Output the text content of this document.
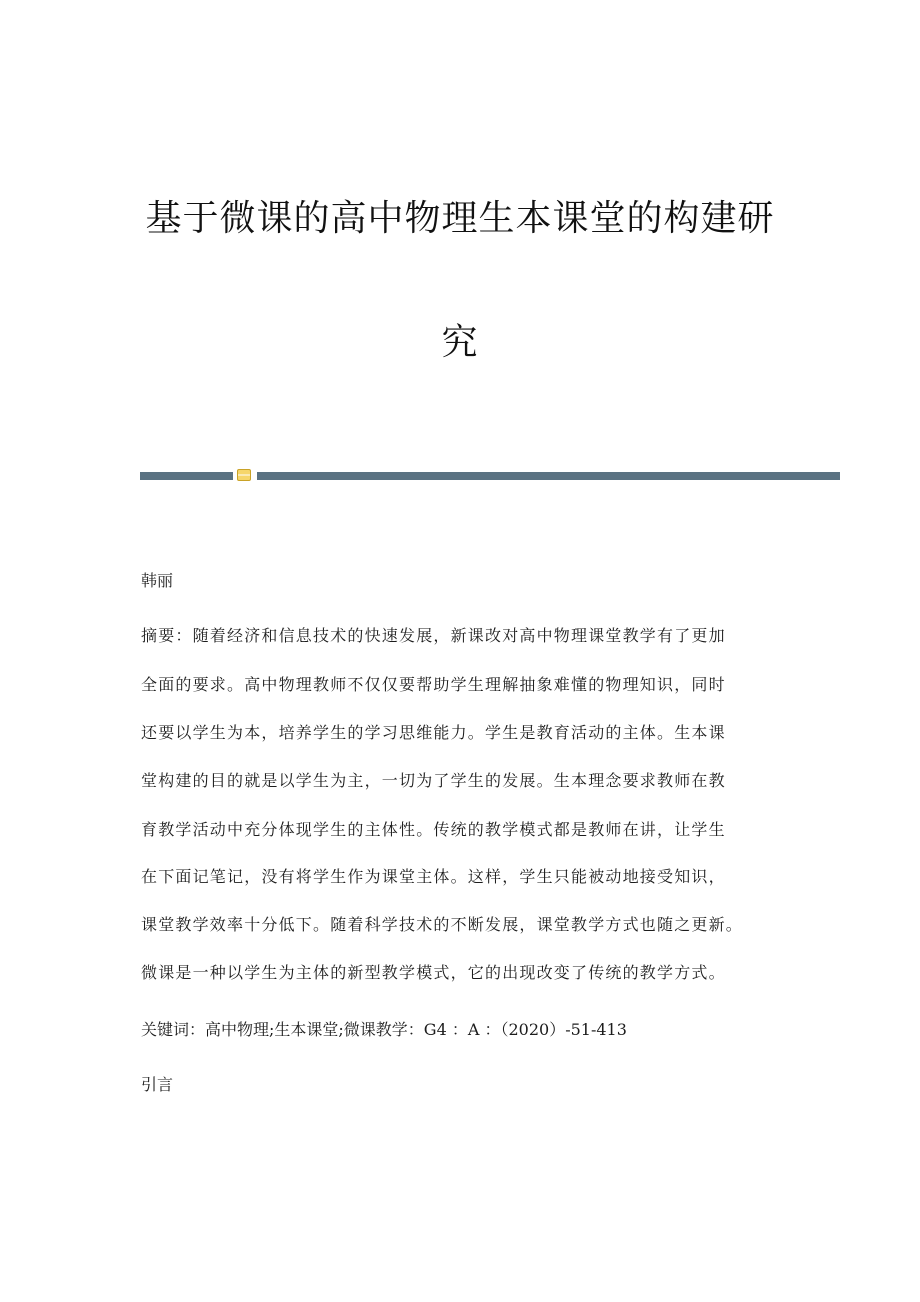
基于微课的高中物理生本课堂的构建研
究
韩丽
摘要：随着经济和信息技术的快速发展，新课改对高中物理课堂教学有了更加
全面的要求。高中物理教师不仅仅要帮助学生理解抽象难懂的物理知识，同时
还要以学生为本，培养学生的学习思维能力。学生是教育活动的主体。生本课
堂构建的目的就是以学生为主，一切为了学生的发展。生本理念要求教师在教
育教学活动中充分体现学生的主体性。传统的教学模式都是教师在讲，让学生
在下面记笔记，没有将学生作为课堂主体。这样，学生只能被动地接受知识，
课堂教学效率十分低下。随着科学技术的不断发展，课堂教学方式也随之更新。
微课是一种以学生为主体的新型教学模式，它的出现改变了传统的教学方式。
关键词：高中物理;生本课堂;微课教学：G4 ：A ：（2020）-51-413
引言
